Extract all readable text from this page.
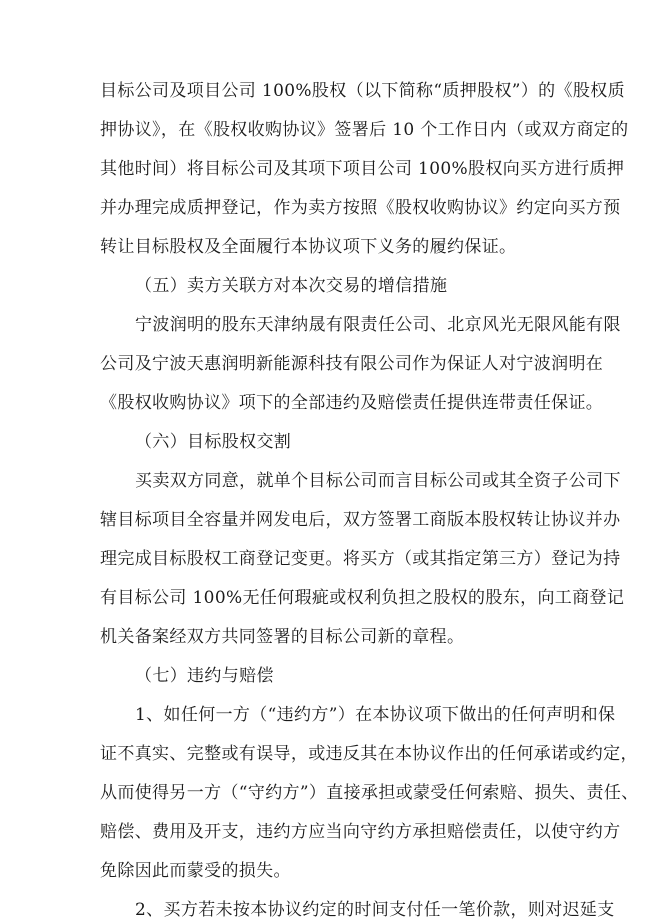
目标公司及项目公司 100%股权（以下简称“质押股权”）的《股权质
押协议》，在《股权收购协议》签署后 10 个工作日内（或双方商定的
其他时间）将目标公司及其项下项目公司 100%股权向买方进行质押
并办理完成质押登记，作为卖方按照《股权收购协议》约定向买方预
转让目标股权及全面履行本协议项下义务的履约保证。
（五）卖方关联方对本次交易的增信措施
宁波润明的股东天津纳晟有限责任公司、北京风光无限风能有限
公司及宁波天惠润明新能源科技有限公司作为保证人对宁波润明在
《股权收购协议》项下的全部违约及赔偿责任提供连带责任保证。
（六）目标股权交割
买卖双方同意，就单个目标公司而言目标公司或其全资子公司下
辖目标项目全容量并网发电后，双方签署工商版本股权转让协议并办
理完成目标股权工商登记变更。将买方（或其指定第三方）登记为持
有目标公司 100%无任何瑕疵或权利负担之股权的股东，向工商登记
机关备案经双方共同签署的目标公司新的章程。
（七）违约与赔偿
1、如任何一方（“违约方”）在本协议项下做出的任何声明和保
证不真实、完整或有误导，或违反其在本协议作出的任何承诺或约定，
从而使得另一方（“守约方”）直接承担或蒙受任何索赔、损失、责任、
赔偿、费用及开支，违约方应当向守约方承担赔偿责任，以使守约方
免除因此而蒙受的损失。
2、买方若未按本协议约定的时间支付任一笔价款，则对迟延支
